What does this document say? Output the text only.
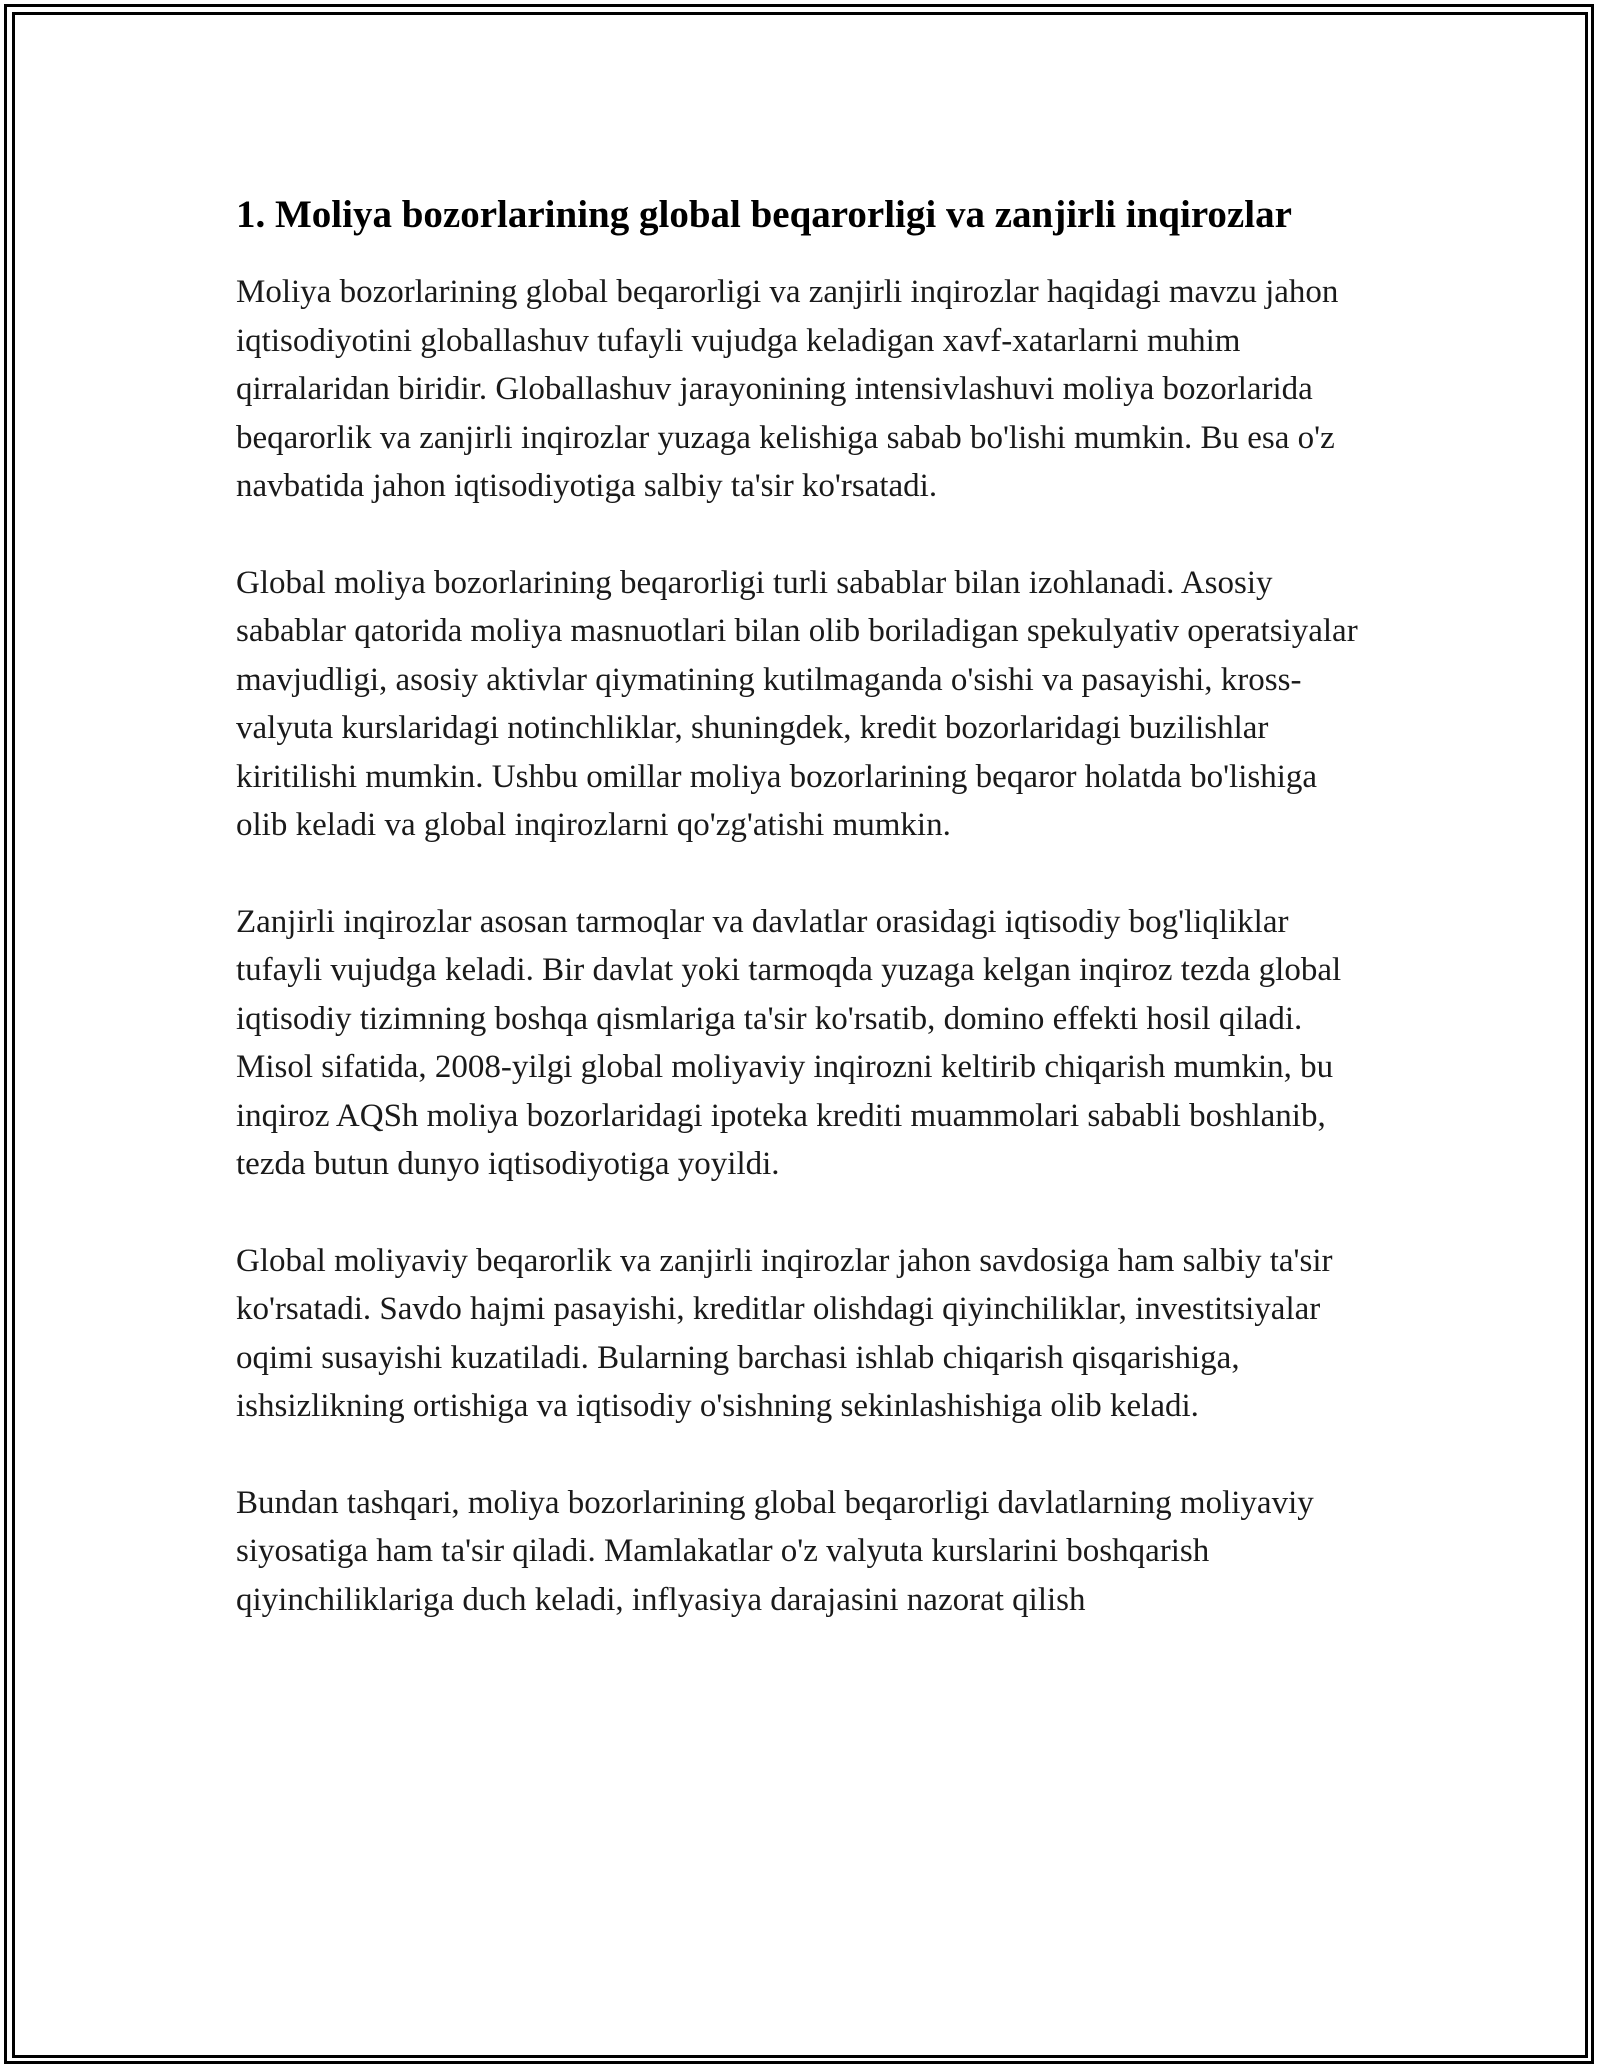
1. Moliya bozorlarining global beqarorligi va zanjirli inqirozlar

Moliya bozorlarining global beqarorligi va zanjirli inqirozlar haqidagi mavzu jahon iqtisodiyotini globallashuv tufayli vujudga keladigan xavf-xatarlarni muhim qirralaridan biridir. Globallashuv jarayonining intensivlashuvi moliya bozorlarida beqarorlik va zanjirli inqirozlar yuzaga kelishiga sabab bo'lishi mumkin. Bu esa o'z navbatida jahon iqtisodiyotiga salbiy ta'sir ko'rsatadi.

Global moliya bozorlarining beqarorligi turli sabablar bilan izohlanadi. Asosiy sabablar qatorida moliya masnuotlari bilan olib boriladigan spekulyativ operatsiyalar mavjudligi, asosiy aktivlar qiymatining kutilmaganda o'sishi va pasayishi, kross-valyuta kurslaridagi notinchliklar, shuningdek, kredit bozorlaridagi buzilishlar kiritilishi mumkin. Ushbu omillar moliya bozorlarining beqaror holatda bo'lishiga olib keladi va global inqirozlarni qo'zg'atishi mumkin.

Zanjirli inqirozlar asosan tarmoqlar va davlatlar orasidagi iqtisodiy bog'liqliklar tufayli vujudga keladi. Bir davlat yoki tarmoqda yuzaga kelgan inqiroz tezda global iqtisodiy tizimning boshqa qismlariga ta'sir ko'rsatib, domino effekti hosil qiladi. Misol sifatida, 2008-yilgi global moliyaviy inqirozni keltirib chiqarish mumkin, bu inqiroz AQSh moliya bozorlaridagi ipoteka krediti muammolari sababli boshlanib, tezda butun dunyo iqtisodiyotiga yoyildi.

Global moliyaviy beqarorlik va zanjirli inqirozlar jahon savdosiga ham salbiy ta'sir ko'rsatadi. Savdo hajmi pasayishi, kreditlar olishdagi qiyinchiliklar, investitsiyalar oqimi susayishi kuzatiladi. Bularning barchasi ishlab chiqarish qisqarishiga, ishsizlikning ortishiga va iqtisodiy o'sishning sekinlashishiga olib keladi.

Bundan tashqari, moliya bozorlarining global beqarorligi davlatlarning moliyaviy siyosatiga ham ta'sir qiladi. Mamlakatlar o'z valyuta kurslarini boshqarish qiyinchiliklariga duch keladi, inflyasiya darajasini nazorat qilish
